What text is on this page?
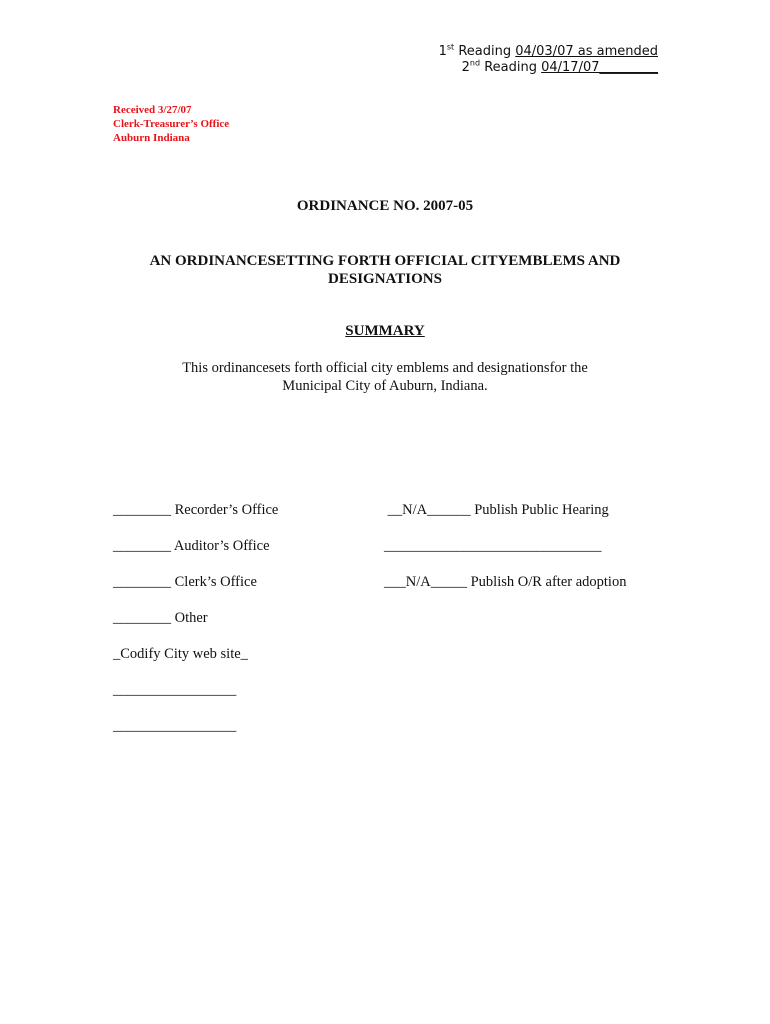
1st Reading 04/03/07 as amended
2nd Reading 04/17/07_________
Received 3/27/07
Clerk-Treasurer’s Office
Auburn Indiana
ORDINANCE NO. 2007-05
AN ORDINANCESETTING FORTH OFFICIAL CITYEMBLEMS AND
DESIGNATIONS
SUMMARY
This ordinancesets forth official city emblems and designationsfor the
Municipal City of Auburn, Indiana.
________ Recorder’s Office
________ Auditor’s Office
________ Clerk’s Office
________ Other
_Codify City web site_
_________________
_________________
__N/A______ Publish Public Hearing
______________________________
___N/A_____ Publish O/R after adoption
